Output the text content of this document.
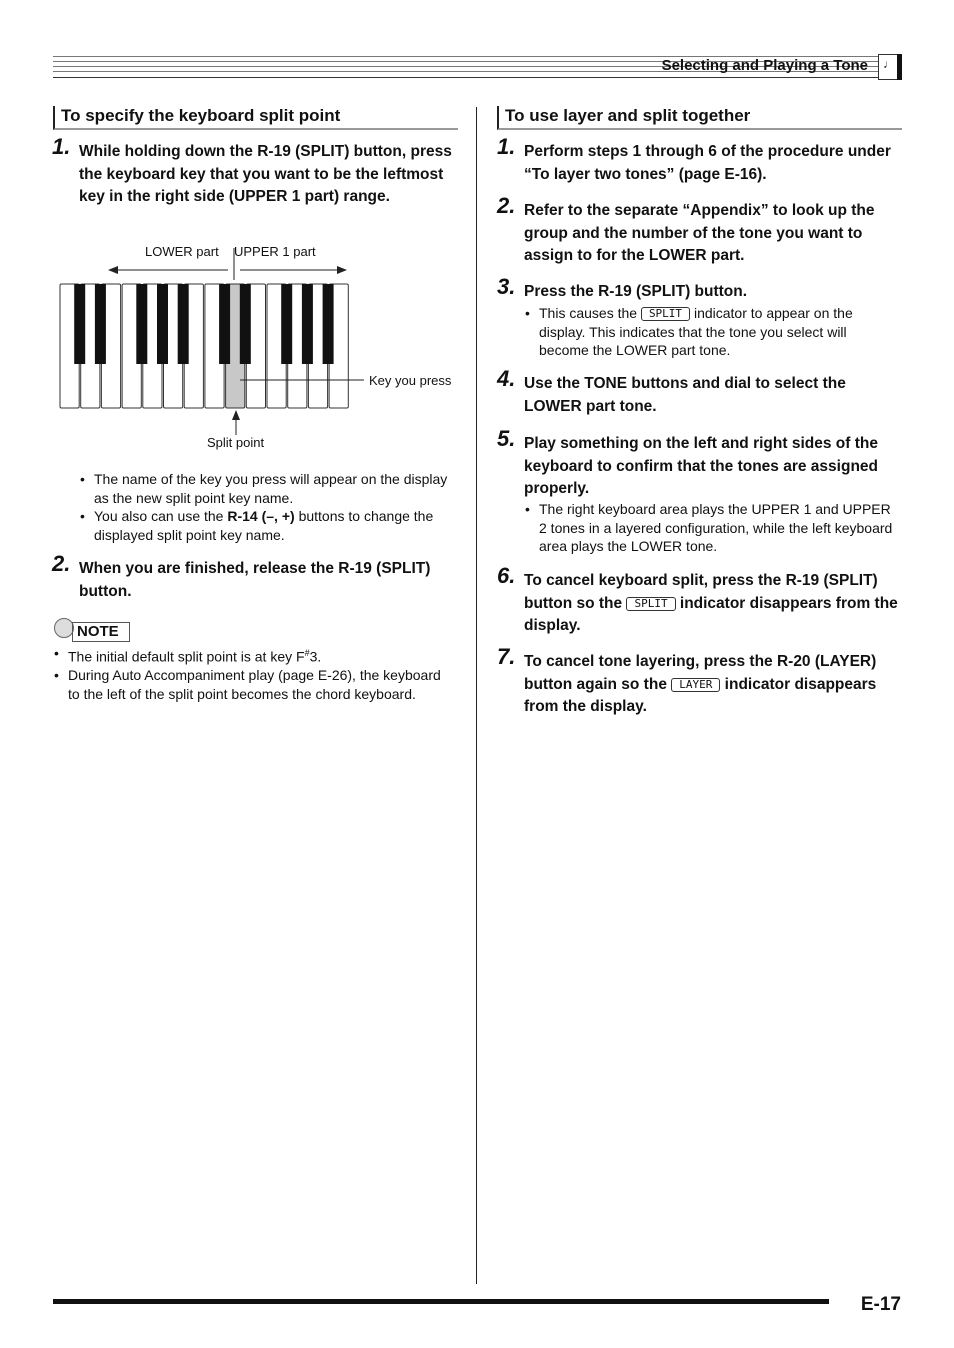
Selecting and Playing a Tone ♩
To specify the keyboard split point
1. While holding down the R-19 (SPLIT) button, press the keyboard key that you want to be the leftmost key in the right side (UPPER 1 part) range.
LOWER part UPPER 1 part
Key you press
Split point
• The name of the key you press will appear on the display as the new split point key name.
• You also can use the R-14 (–, +) buttons to change the displayed split point key name.
2. When you are finished, release the R-19 (SPLIT) button.
NOTE
• The initial default split point is at key F#3.
• During Auto Accompaniment play (page E-26), the keyboard to the left of the split point becomes the chord keyboard.
To use layer and split together
1. Perform steps 1 through 6 of the procedure under “To layer two tones” (page E-16).
2. Refer to the separate “Appendix” to look up the group and the number of the tone you want to assign to for the LOWER part.
3. Press the R-19 (SPLIT) button.
• This causes the SPLIT indicator to appear on the display. This indicates that the tone you select will become the LOWER part tone.
4. Use the TONE buttons and dial to select the LOWER part tone.
5. Play something on the left and right sides of the keyboard to confirm that the tones are assigned properly.
• The right keyboard area plays the UPPER 1 and UPPER 2 tones in a layered configuration, while the left keyboard area plays the LOWER tone.
6. To cancel keyboard split, press the R-19 (SPLIT) button so the SPLIT indicator disappears from the display.
7. To cancel tone layering, press the R-20 (LAYER) button again so the LAYER indicator disappears from the display.
E-17
